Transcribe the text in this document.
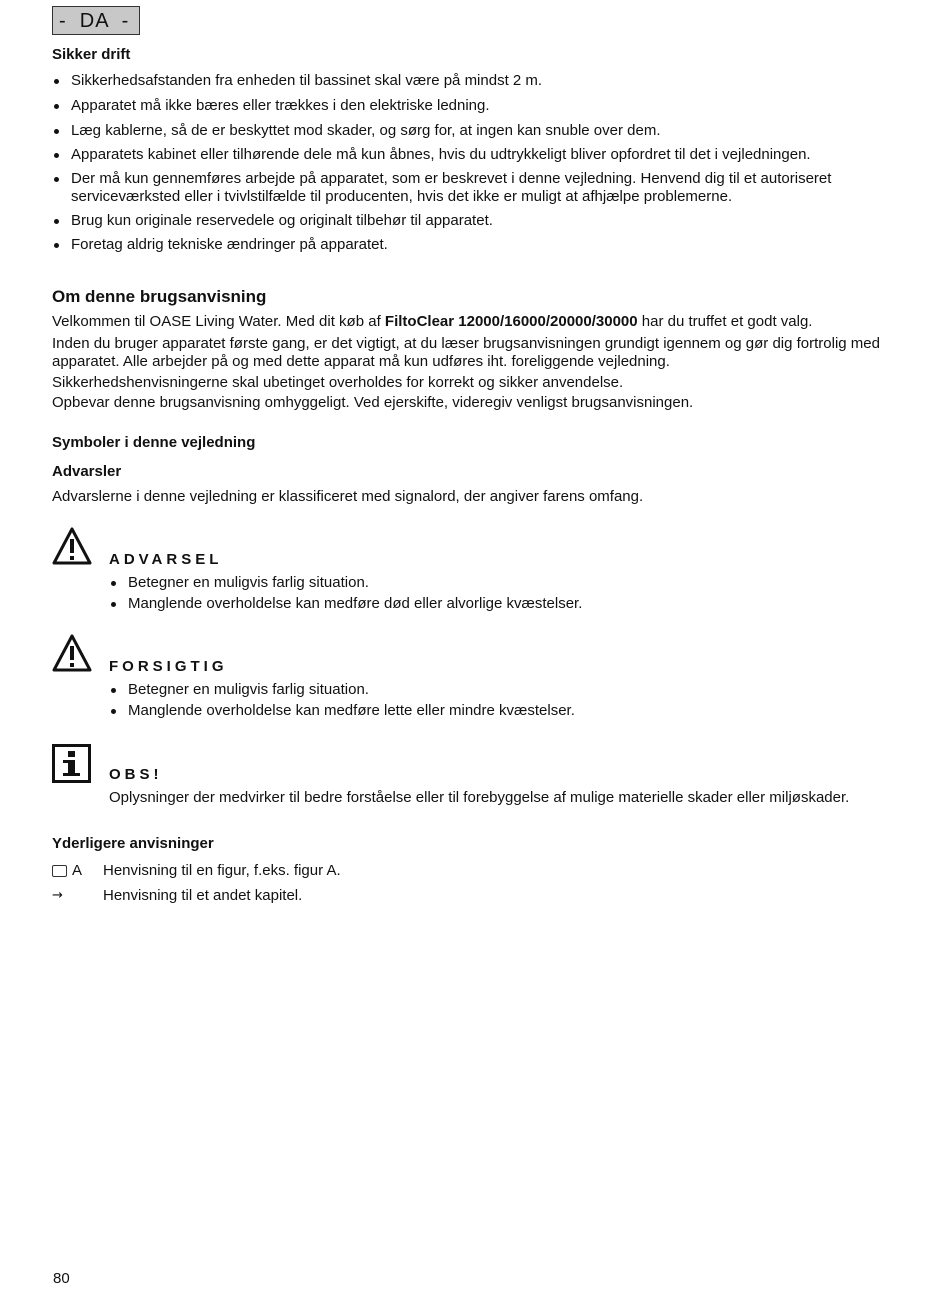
-  DA  -
Sikker drift
Sikkerhedsafstanden fra enheden til bassinet skal være på mindst 2 m.
Apparatet må ikke bæres eller trækkes i den elektriske ledning.
Læg kablerne, så de er beskyttet mod skader, og sørg for, at ingen kan snuble over dem.
Apparatets kabinet eller tilhørende dele må kun åbnes, hvis du udtrykkeligt bliver opfordret til det i vejledningen.
Der må kun gennemføres arbejde på apparatet, som er beskrevet i denne vejledning. Henvend dig til et autoriseret serviceværksted eller i tvivlstilfælde til producenten, hvis det ikke er muligt at afhjælpe problemerne.
Brug kun originale reservedele og originalt tilbehør til apparatet.
Foretag aldrig tekniske ændringer på apparatet.
Om denne brugsanvisning

Velkommen til OASE Living Water. Med dit køb af FiltoClear 12000/16000/20000/30000 har du truffet et godt valg.

Inden du bruger apparatet første gang, er det vigtigt, at du læser brugsanvisningen grundigt igennem og gør dig fortrolig med apparatet. Alle arbejder på og med dette apparat må kun udføres iht. foreliggende vejledning.

Sikkerhedshenvisningerne skal ubetinget overholdes for korrekt og sikker anvendelse.

Opbevar denne brugsanvisning omhyggeligt. Ved ejerskifte, videregiv venligst brugsanvisningen.

Symboler i denne vejledning
Advarsler

Advarslerne i denne vejledning er klassificeret med signalord, der angiver farens omfang.

ADVARSEL
Betegner en muligvis farlig situation.
Manglende overholdelse kan medføre død eller alvorlige kvæstelser.
FORSIGTIG
Betegner en muligvis farlig situation.
Manglende overholdelse kan medføre lette eller mindre kvæstelser.
OBS!

Oplysninger der medvirker til bedre forståelse eller til forebyggelse af mulige materielle skader eller miljøskader.

Yderligere anvisninger
A Henvisning til en figur, f.eks. figur A.
→	Henvisning til et andet kapitel.
80
